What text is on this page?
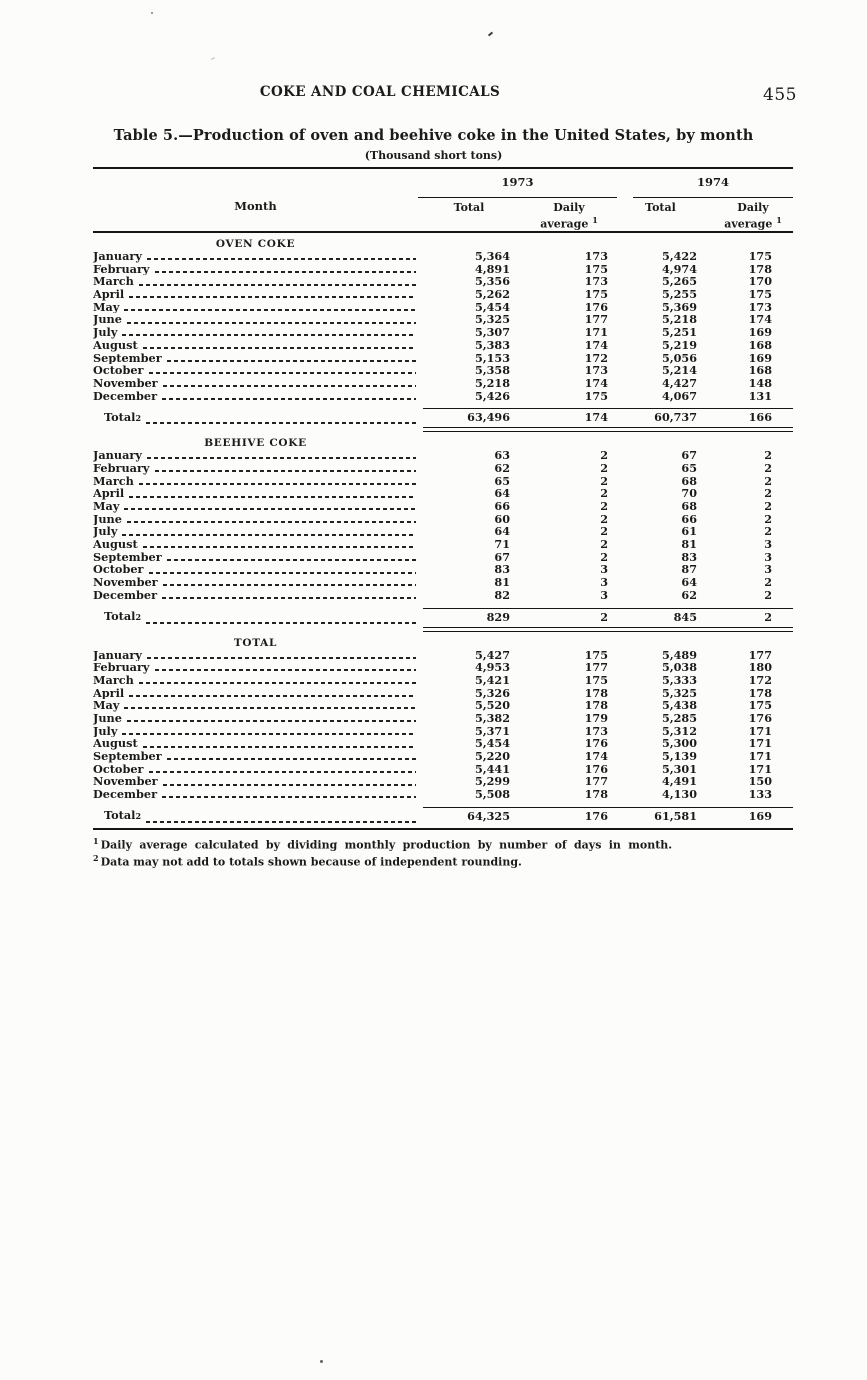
COKE AND COAL CHEMICALS	455
Table 5.—Production of oven and beehive coke in the United States, by month
(Thousand short tons)
Month
1973	1974
Total	Daily
average $^1$
Total	Daily
average $^1$
OVEN COKE
January	5,364	173	5,422	175
February	4,891	175	4,974	178
March	5,356	173	5,265	170
April	5,262	175	5,255	175
May	5,454	176	5,369	173
June	5,325	177	5,218	174
July	5,307	171	5,251	169
August	5,383	174	5,219	168
September	5,153	172	5,056	169
October	5,358	173	5,214	168
November	5,218	174	4,427	148
December	5,426	175	4,067	131
Total 2	63,496	174	60,737	166
BEEHIVE COKE
January	63	2	67	2
February	62	2	65	2
March	65	2	68	2
April	64	2	70	2
May	66	2	68	2
June	60	2	66	2
July	64	2	61	2
August	71	2	81	3
September	67	2	83	3
October	83	3	87	3
November	81	3	64	2
December	82	3	62	2
Total 2	829	2	845	2
TOTAL
January	5,427	175	5,489	177
February	4,953	177	5,038	180
March	5,421	175	5,333	172
April	5,326	178	5,325	178
May	5,520	178	5,438	175
June	5,382	179	5,285	176
July	5,371	173	5,312	171
August	5,454	176	5,300	171
September	5,220	174	5,139	171
October	5,441	176	5,301	171
November	5,299	177	4,491	150
December	5,508	178	4,130	133
Total 2	64,325	176	61,581	169
$^1$ Daily average calculated by dividing monthly production by number of days in month.
$^2$ Data may not add to totals shown because of independent rounding.
